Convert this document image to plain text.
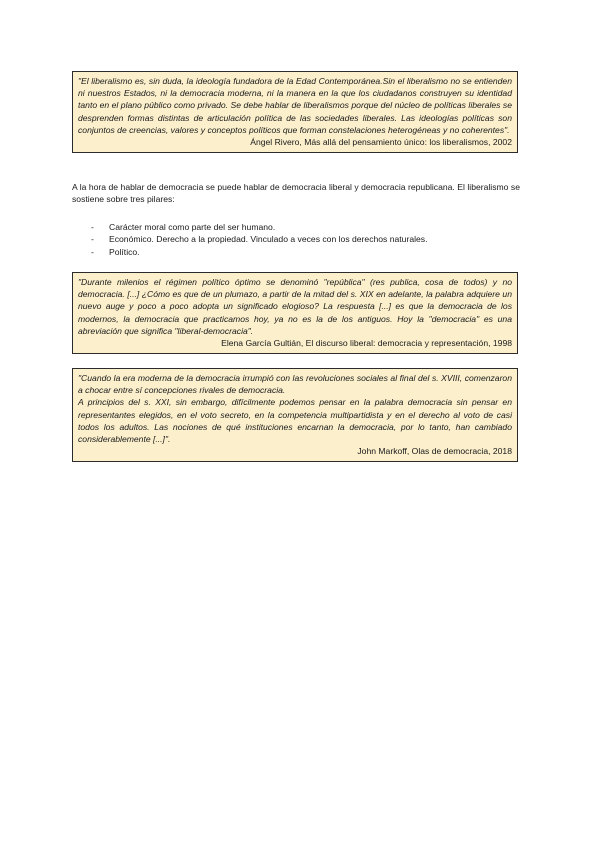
"El liberalismo es, sin duda, la ideología fundadora de la Edad Contemporánea.Sin el liberalismo no se entienden ni nuestros Estados, ni la democracia moderna, ni la manera en la que los ciudadanos construyen su identidad tanto en el plano público como privado. Se debe hablar de liberalismos porque del núcleo de políticas liberales se desprenden formas distintas de articulación política de las sociedades liberales. Las ideologías políticas son conjuntos de creencias, valores y conceptos políticos que forman constelaciones heterogéneas y no coherentes".
Ángel Rivero, Más allá del pensamiento único: los liberalismos, 2002
A la hora de hablar de democracia se puede hablar de democracia liberal y democracia republicana. El liberalismo se sostiene sobre tres pilares:
- Carácter moral como parte del ser humano.
- Económico. Derecho a la propiedad. Vinculado a veces con los derechos naturales.
- Político.
"Durante milenios el régimen político óptimo se denominó "república" (res publica, cosa de todos) y no democracia. [...] ¿Cómo es que de un plumazo, a partir de la mitad del s. XIX en adelante, la palabra adquiere un nuevo auge y poco a poco adopta un significado elogioso? La respuesta [...] es que la democracia de los modernos, la democracia que practicamos hoy, ya no es la de los antiguos. Hoy la "democracia" es una abreviación que significa "liberal-democracia".
Elena García Gultián, El discurso liberal: democracia y representación, 1998
"Cuando la era moderna de la democracia irrumpió con las revoluciones sociales al final del s. XVIII, comenzaron a chocar entre sí concepciones rivales de democracia.
A principios del s. XXI, sin embargo, difícilmente podemos pensar en la palabra democracia sin pensar en representantes elegidos, en el voto secreto, en la competencia multipartidista y en el derecho al voto de casi todos los adultos. Las nociones de qué instituciones encarnan la democracia, por lo tanto, han cambiado considerablemente [...]".
John Markoff, Olas de democracia, 2018
